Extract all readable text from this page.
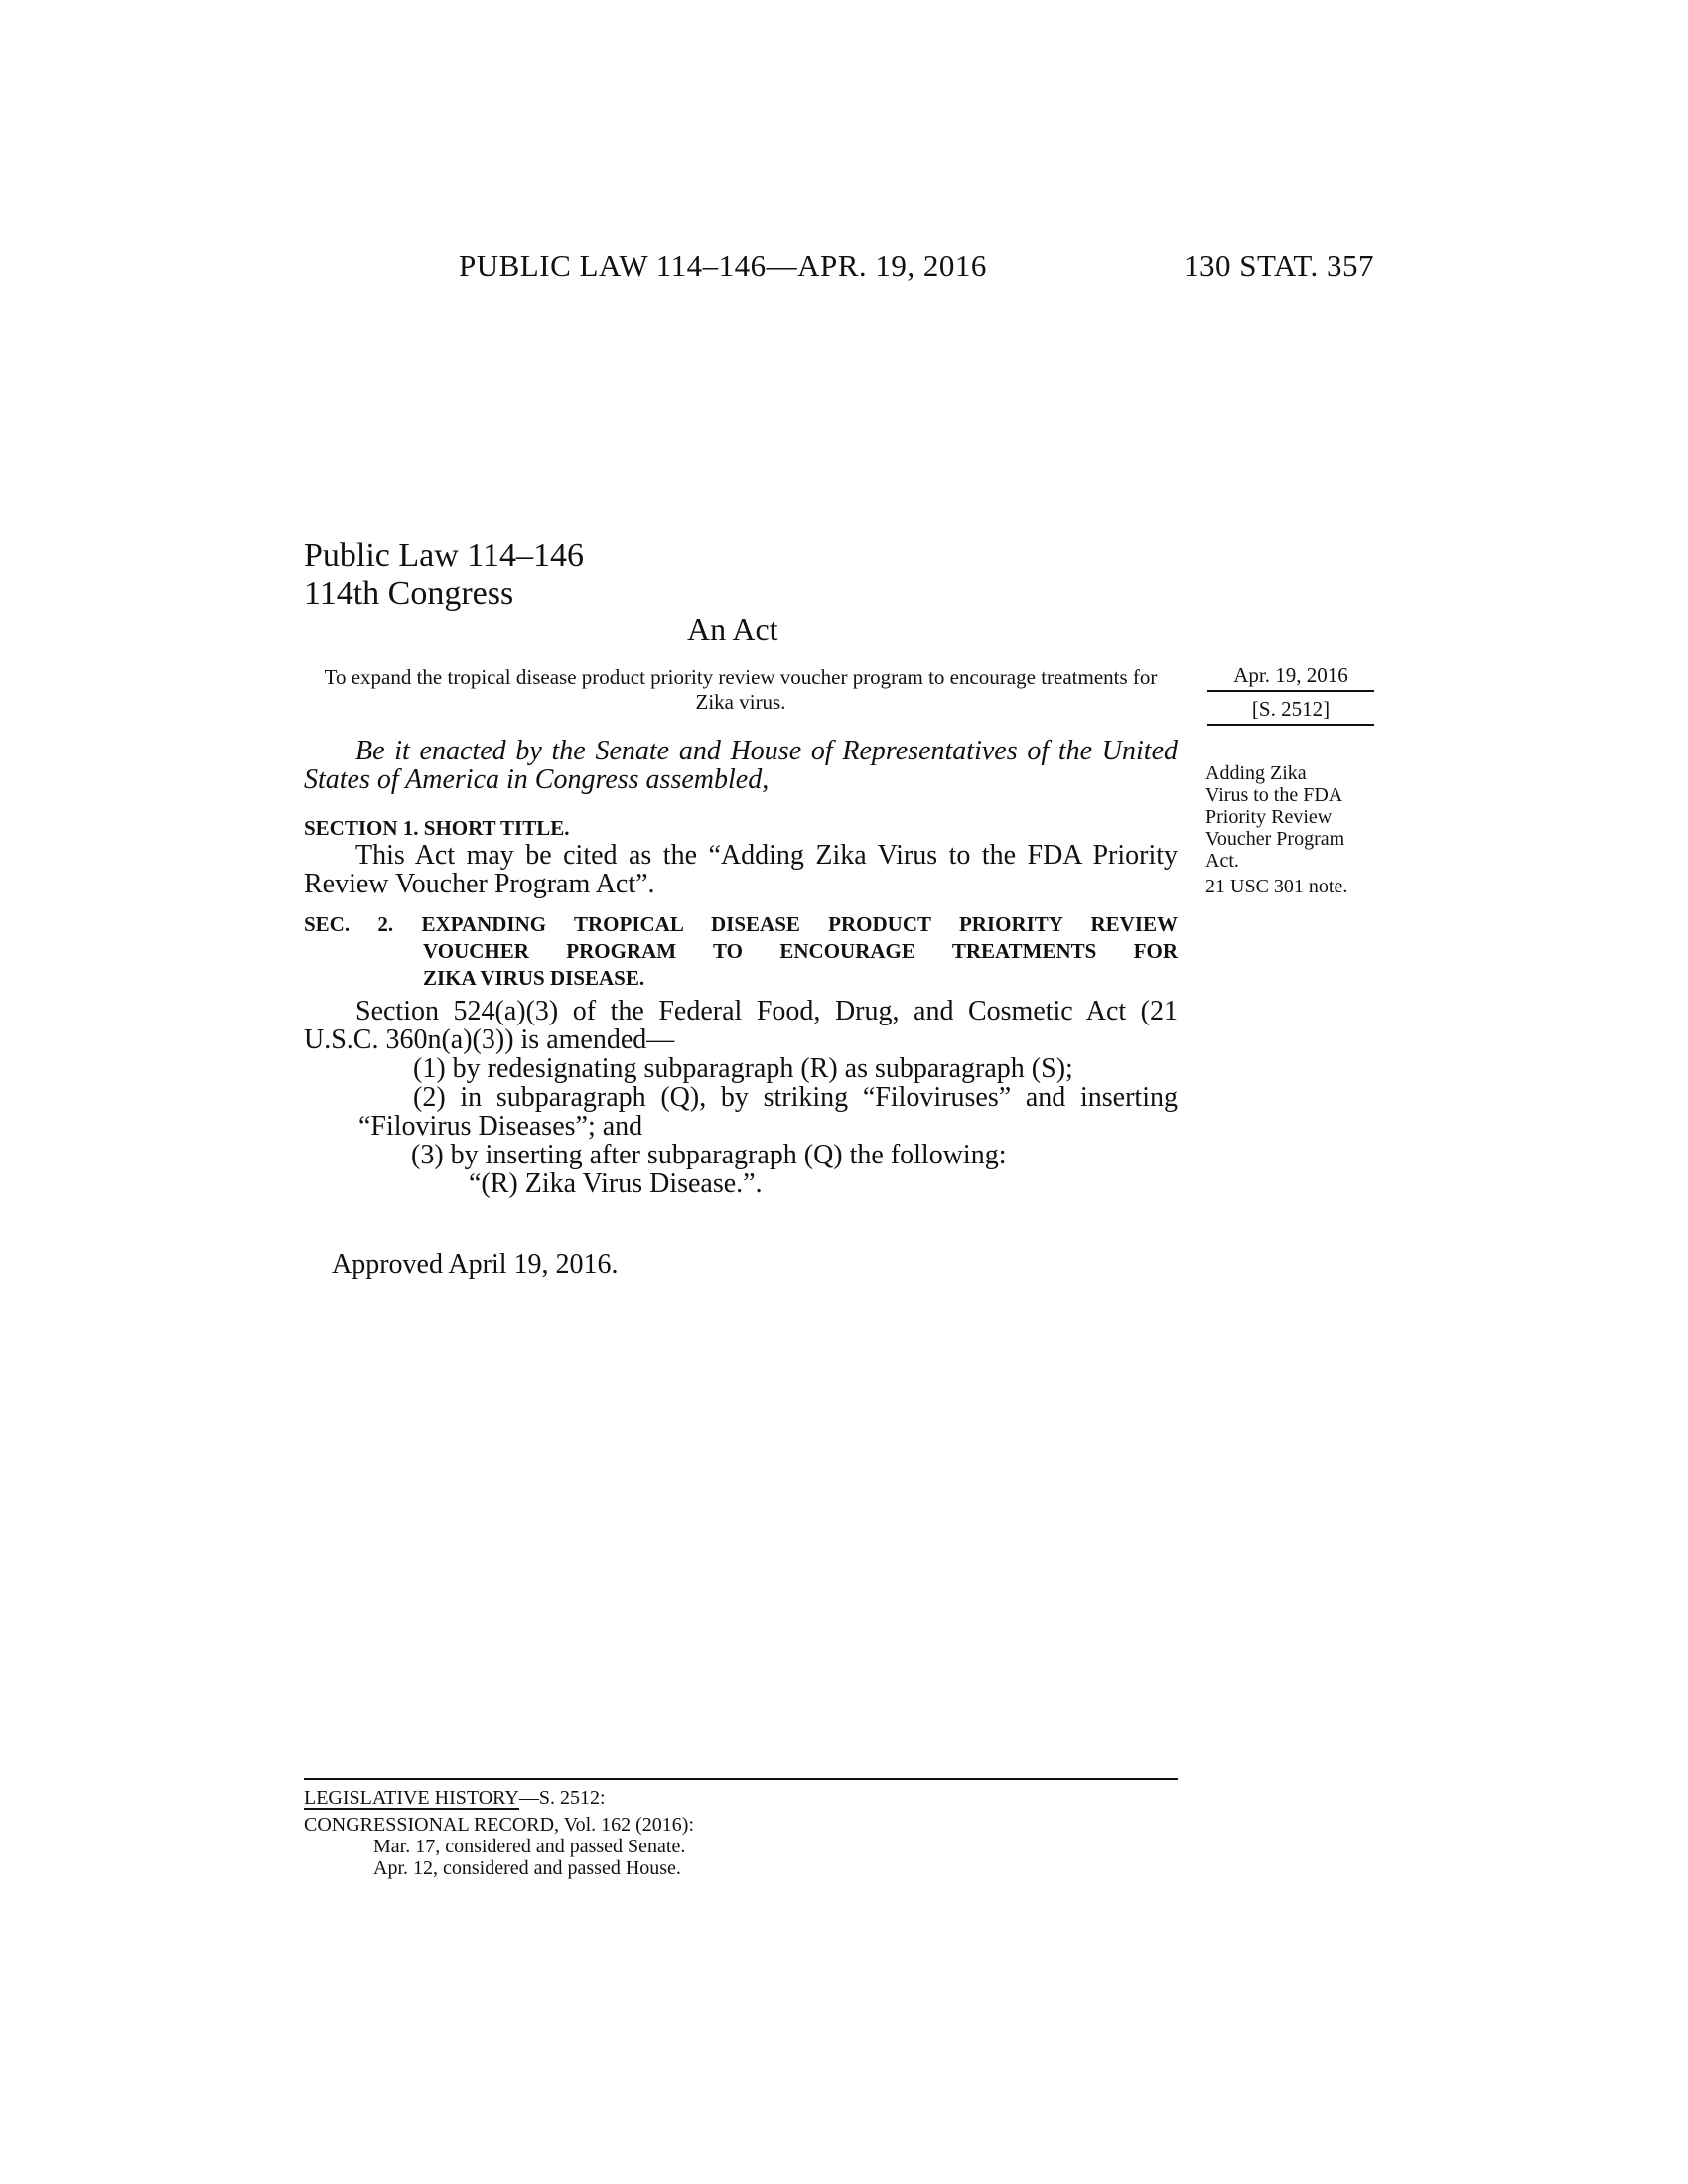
PUBLIC LAW 114–146—APR. 19, 2016	130 STAT. 357
Public Law 114–146
114th Congress
An Act
To expand the tropical disease product priority review voucher program to encourage treatments for Zika virus.
Apr. 19, 2016
[S. 2512]
Be it enacted by the Senate and House of Representatives of the United States of America in Congress assembled,
SECTION 1. SHORT TITLE.
This Act may be cited as the “Adding Zika Virus to the FDA Priority Review Voucher Program Act”.
Adding Zika
Virus to the FDA
Priority Review
Voucher Program
Act.
21 USC 301 note.
SEC. 2. EXPANDING TROPICAL DISEASE PRODUCT PRIORITY REVIEW
VOUCHER PROGRAM TO ENCOURAGE TREATMENTS FOR
ZIKA VIRUS DISEASE.

Section 524(a)(3) of the Federal Food, Drug, and Cosmetic Act (21 U.S.C. 360n(a)(3)) is amended—

(1) by redesignating subparagraph (R) as subparagraph (S);

(2) in subparagraph (Q), by striking “Filoviruses” and inserting “Filovirus Diseases”; and

(3) by inserting after subparagraph (Q) the following:

“(R) Zika Virus Disease.”.

Approved April 19, 2016.
LEGISLATIVE HISTORY—S. 2512:
CONGRESSIONAL RECORD, Vol. 162 (2016):
Mar. 17, considered and passed Senate.
Apr. 12, considered and passed House.
